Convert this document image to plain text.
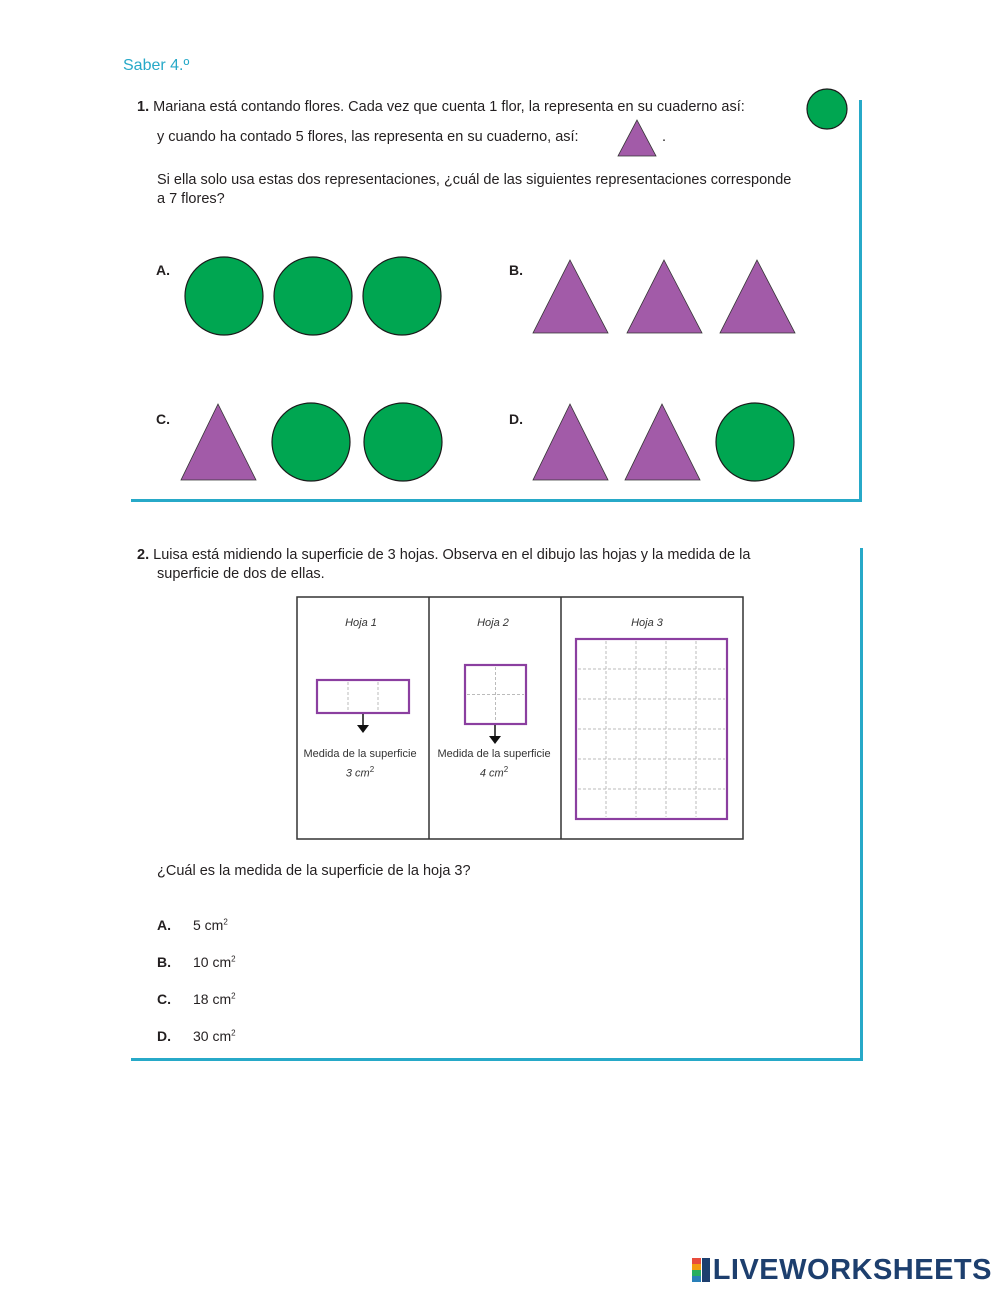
Saber 4.º
1. Mariana está contando flores. Cada vez que cuenta 1 flor, la representa en su cuaderno así:
y cuando ha contado 5 flores, las representa en su cuaderno, así:	.
Si ella solo usa estas dos representaciones, ¿cuál de las siguientes representaciones corresponde
a 7 flores?
A.	B.
C.	D.
2. Luisa está midiendo la superficie de 3 hojas. Observa en el dibujo las hojas y la medida de la
superficie de dos de ellas.
Hoja 1	Hoja 2	Hoja 3
Medida de la superficie
3 $cm^2$
Medida de la superficie
4 $cm^2$
¿Cuál es la medida de la superficie de la hoja 3?
A. 5 $cm^2$
B. 10 $cm^2$
C. 18 $cm^2$
D. 30 $cm^2$
LIVEWORKSHEETS
